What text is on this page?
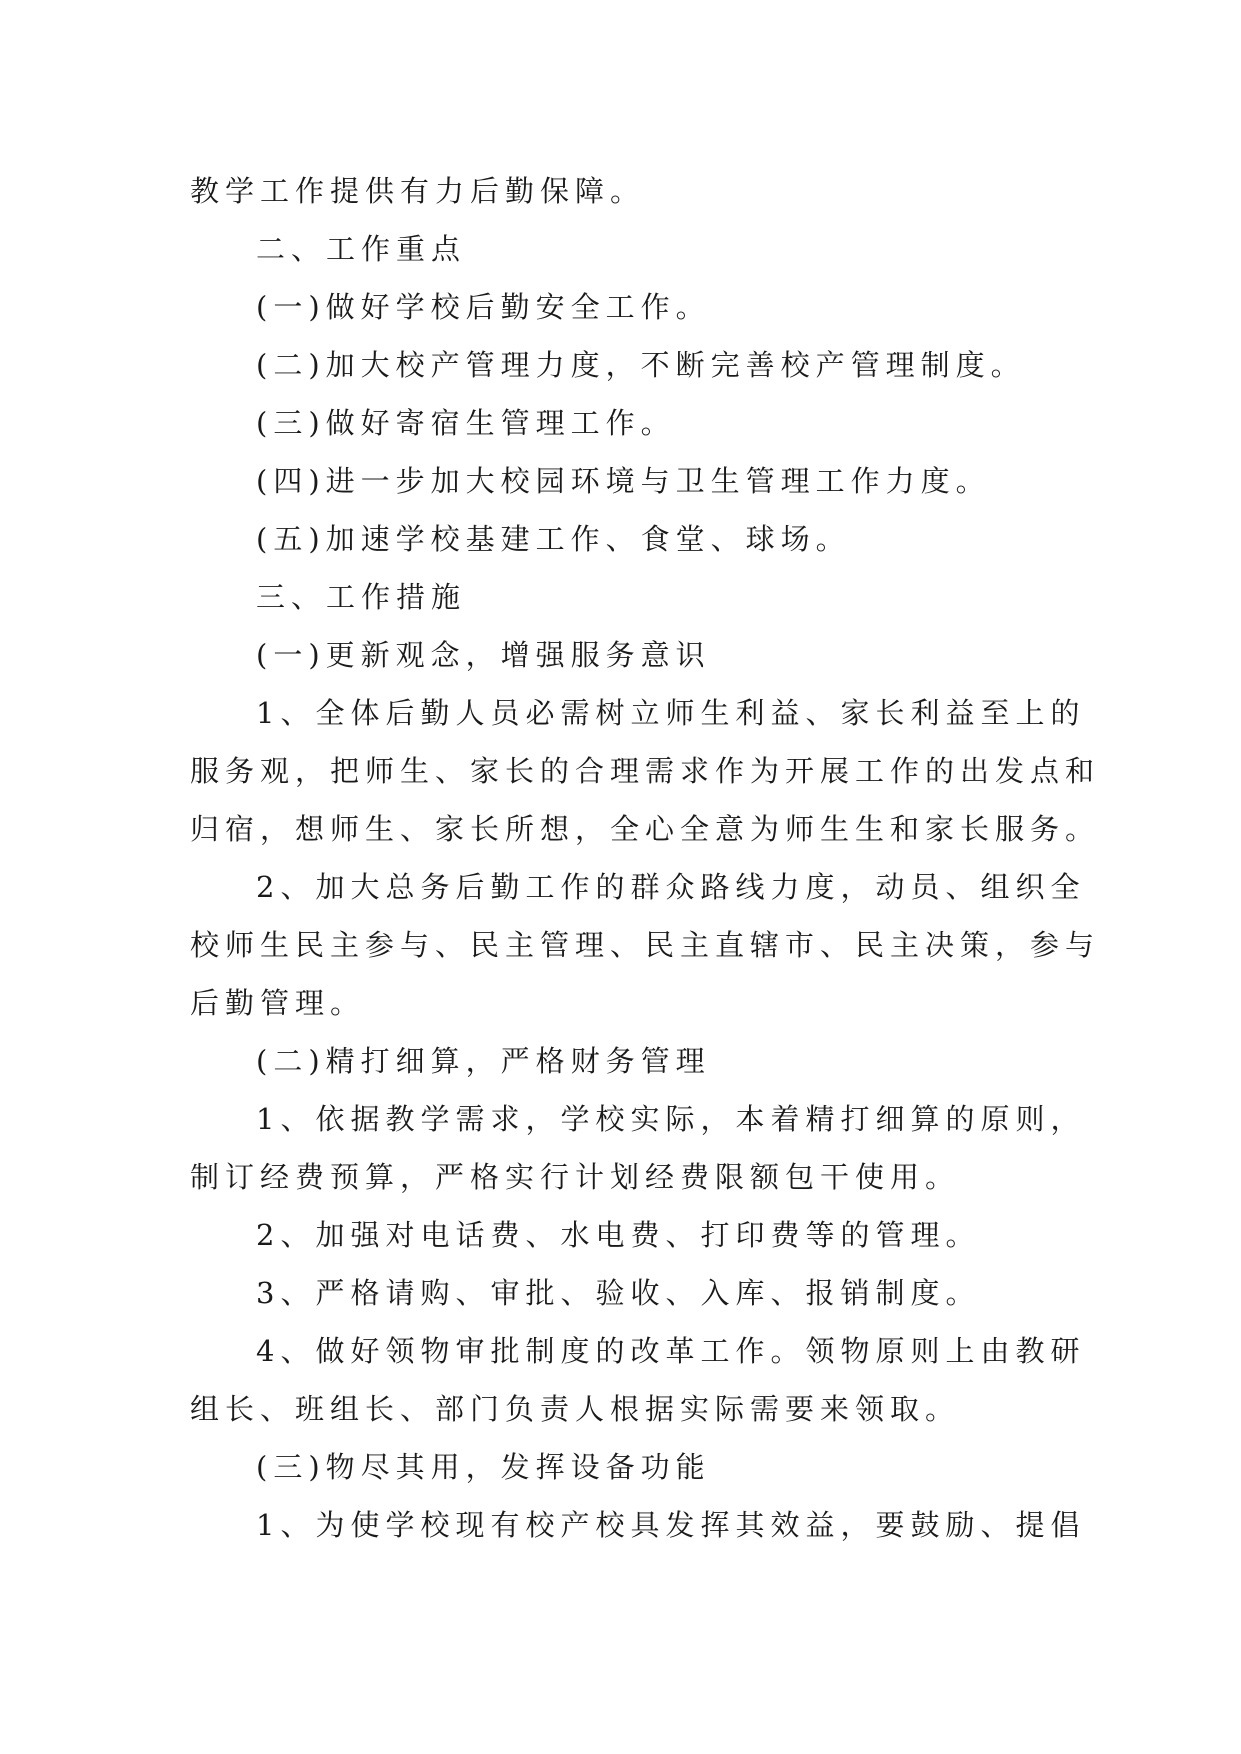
教学工作提供有力后勤保障。
二、工作重点
(一)做好学校后勤安全工作。
(二)加大校产管理力度，不断完善校产管理制度。
(三)做好寄宿生管理工作。
(四)进一步加大校园环境与卫生管理工作力度。
(五)加速学校基建工作、食堂、球场。
三、工作措施
(一)更新观念，增强服务意识
1、全体后勤人员必需树立师生利益、家长利益至上的
服务观，把师生、家长的合理需求作为开展工作的出发点和
归宿，想师生、家长所想，全心全意为师生生和家长服务。
2、加大总务后勤工作的群众路线力度，动员、组织全
校师生民主参与、民主管理、民主直辖市、民主决策，参与
后勤管理。
(二)精打细算，严格财务管理
1、依据教学需求，学校实际，本着精打细算的原则，
制订经费预算，严格实行计划经费限额包干使用。
2、加强对电话费、水电费、打印费等的管理。
3、严格请购、审批、验收、入库、报销制度。
4、做好领物审批制度的改革工作。领物原则上由教研
组长、班组长、部门负责人根据实际需要来领取。
(三)物尽其用，发挥设备功能
1、为使学校现有校产校具发挥其效益，要鼓励、提倡
